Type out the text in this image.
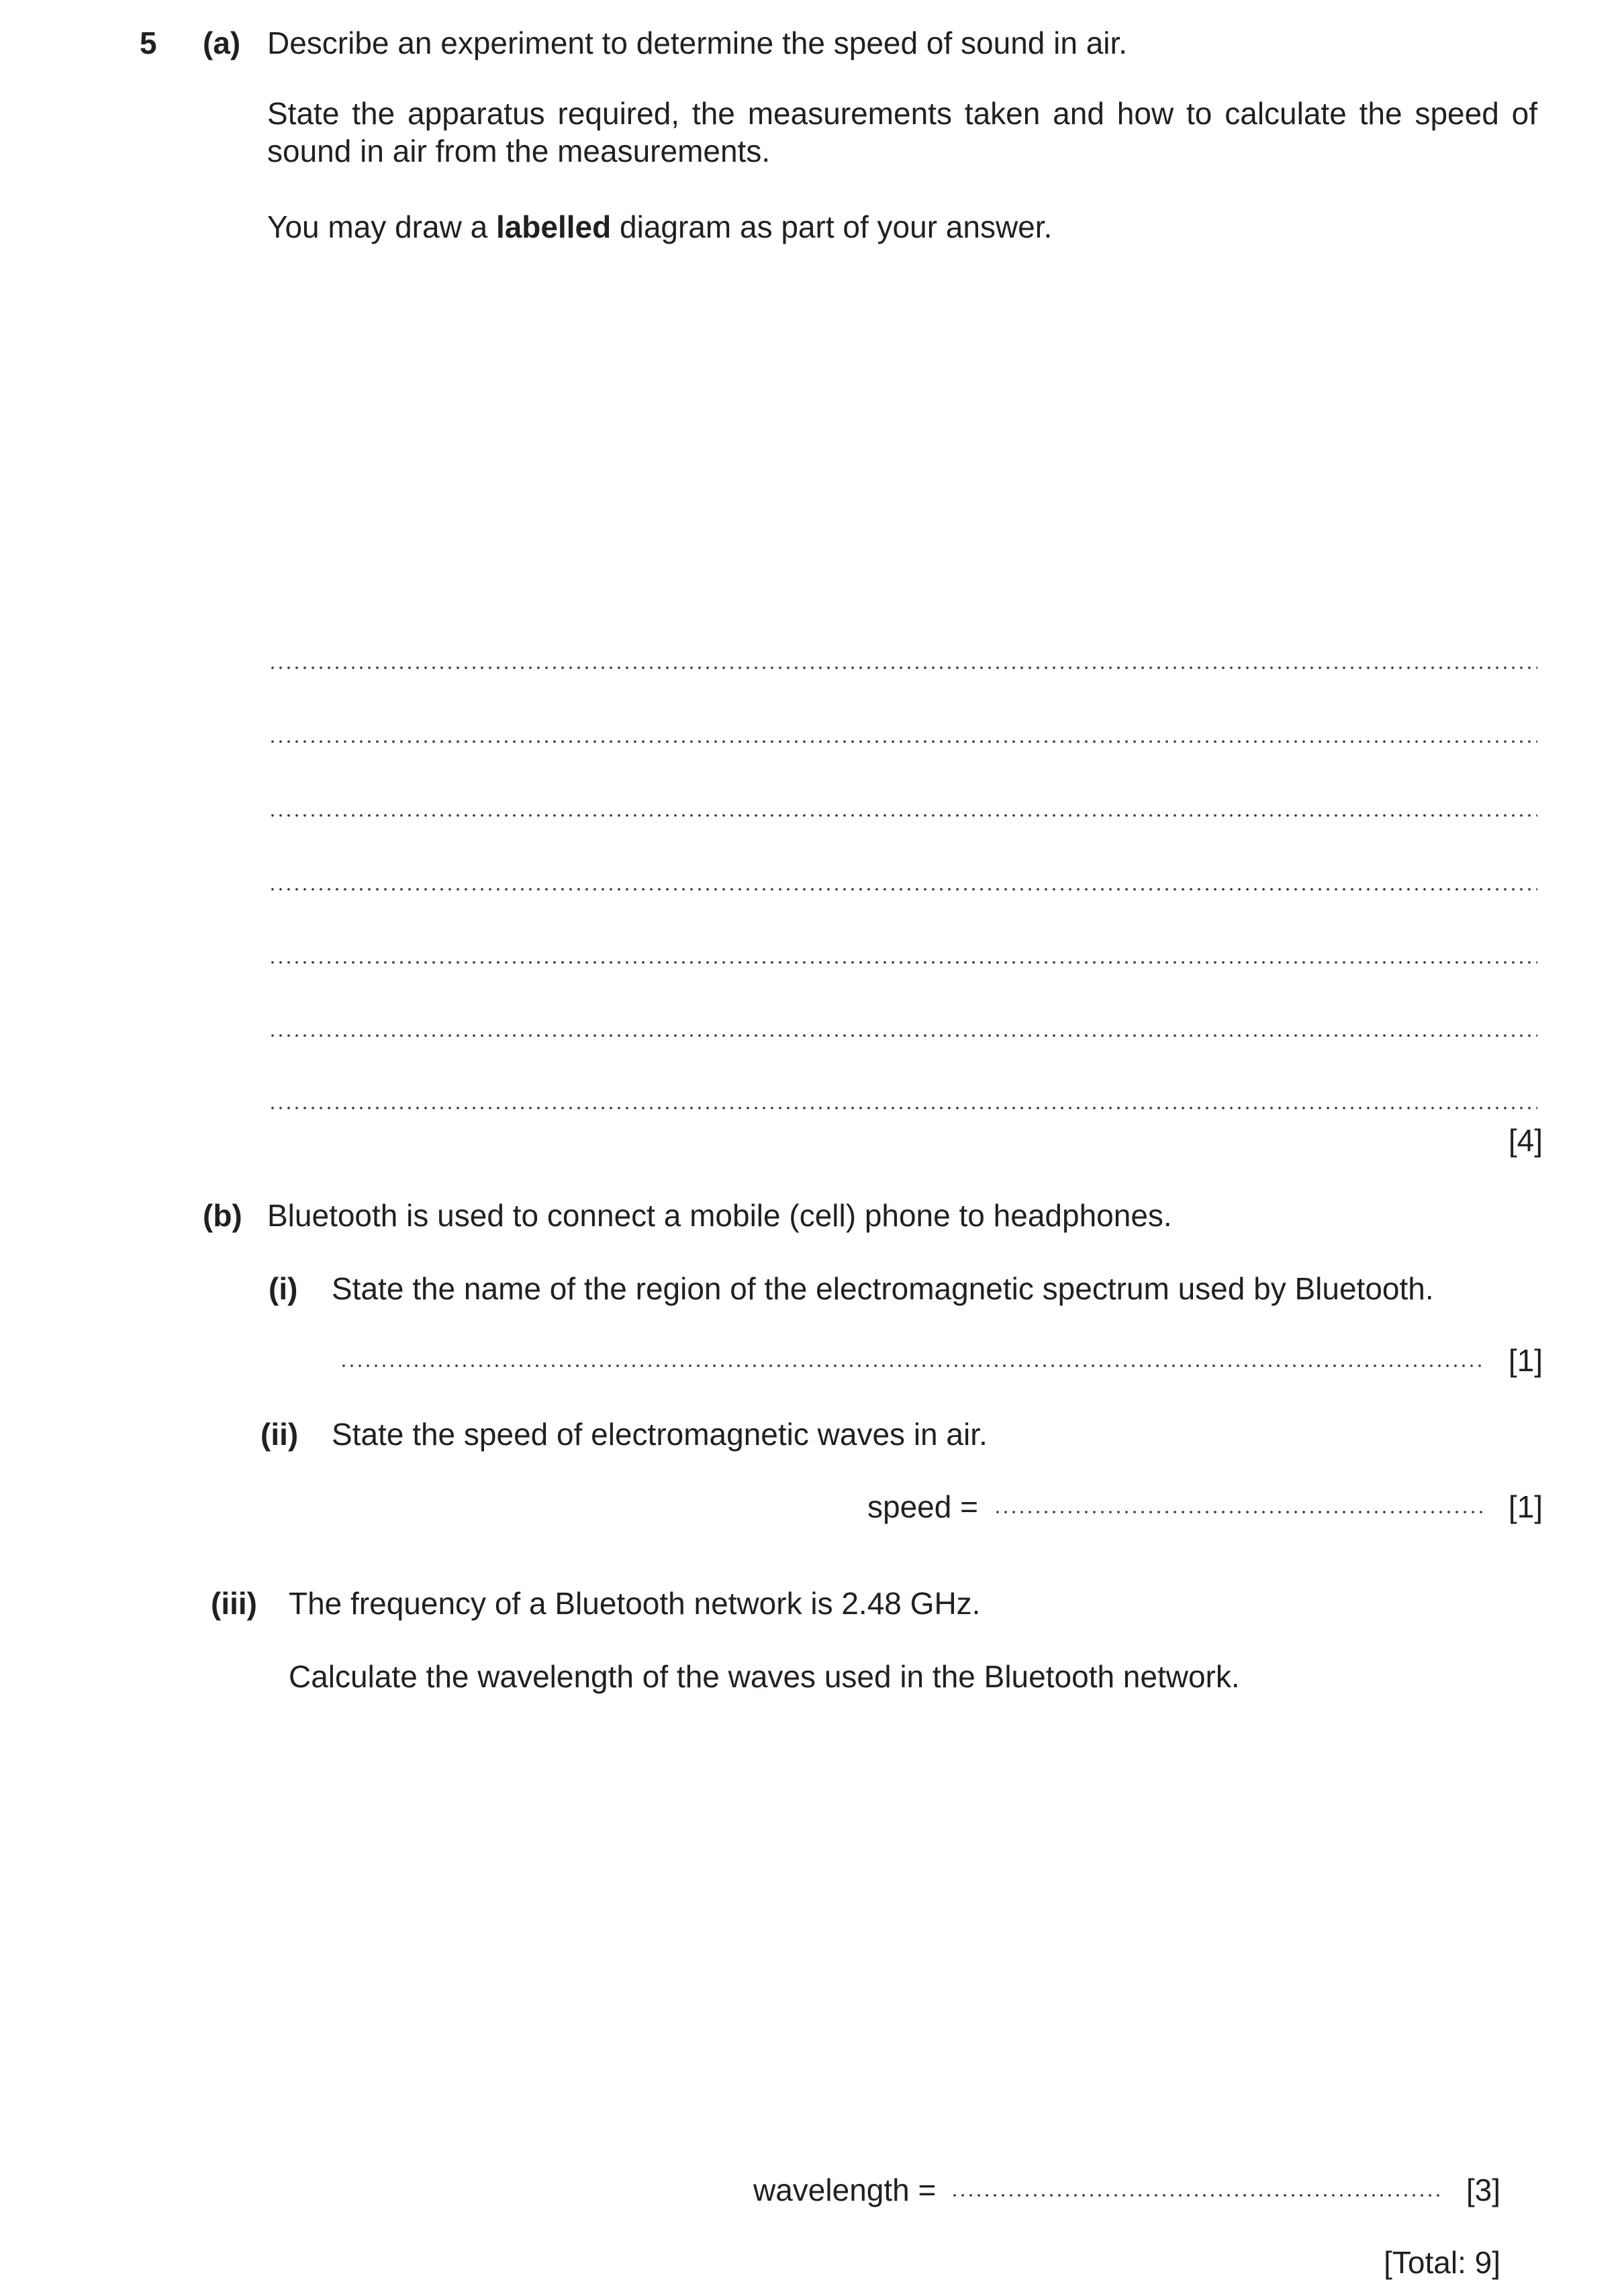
5 (a) Describe an experiment to determine the speed of sound in air.
State the apparatus required, the measurements taken and how to calculate the speed of sound in air from the measurements.
You may draw a labelled diagram as part of your answer.
[4]
(b) Bluetooth is used to connect a mobile (cell) phone to headphones.
(i) State the name of the region of the electromagnetic spectrum used by Bluetooth.
[1]
(ii) State the speed of electromagnetic waves in air.
speed =	[1]
(iii) The frequency of a Bluetooth network is 2.48 GHz.
Calculate the wavelength of the waves used in the Bluetooth network.
wavelength =	[3]
[Total: 9]
